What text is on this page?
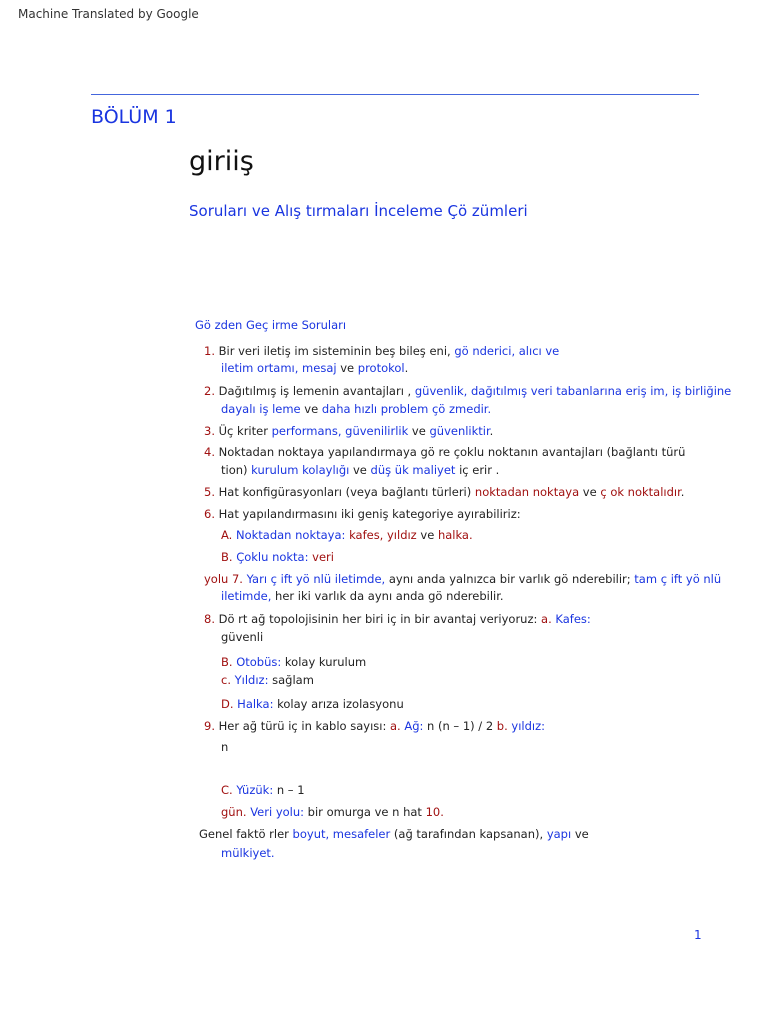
Machine Translated by Google
BÖLÜM 1
giriiş
Soruları ve Alış tırmaları İnceleme Çö zümleri
Gö zden Geç irme Soruları
1. Bir veri iletiş im sisteminin beş bileş eni, gö nderici, alıcı ve
iletim ortamı, mesaj ve protokol.
2. Dağıtılmış iş lemenin avantajları , güvenlik, dağıtılmış veri tabanlarına eriş im, iş birliğine
dayalı iş leme ve daha hızlı problem çö zmedir.
3. Üç kriter performans, güvenilirlik ve güvenliktir.
4. Noktadan noktaya yapılandırmaya gö re çoklu noktanın avantajları (bağlantı türü
tion) kurulum kolaylığı ve düş ük maliyet iç erir .
5. Hat konfigürasyonları (veya bağlantı türleri) noktadan noktaya ve ç ok noktalıdır.
6. Hat yapılandırmasını iki geniş kategoriye ayırabiliriz:
A. Noktadan noktaya: kafes, yıldız ve halka.
B. Çoklu nokta: veri
yolu 7. Yarı ç ift yö nlü iletimde, aynı anda yalnızca bir varlık gö nderebilir; tam ç ift yö nlü
iletimde, her iki varlık da aynı anda gö nderebilir.
8. Dö rt ağ topolojisinin her biri iç in bir avantaj veriyoruz: a. Kafes:
güvenli
B. Otobüs: kolay kurulum
c. Yıldız: sağlam
D. Halka: kolay arıza izolasyonu
9. Her ağ türü iç in kablo sayısı: a. Ağ: n (n – 1) / 2 b. yıldız:
n
C. Yüzük: n – 1
gün. Veri yolu: bir omurga ve n hat 10.
Genel faktö rler boyut, mesafeler (ağ tarafından kapsanan), yapı ve
mülkiyet.
1
